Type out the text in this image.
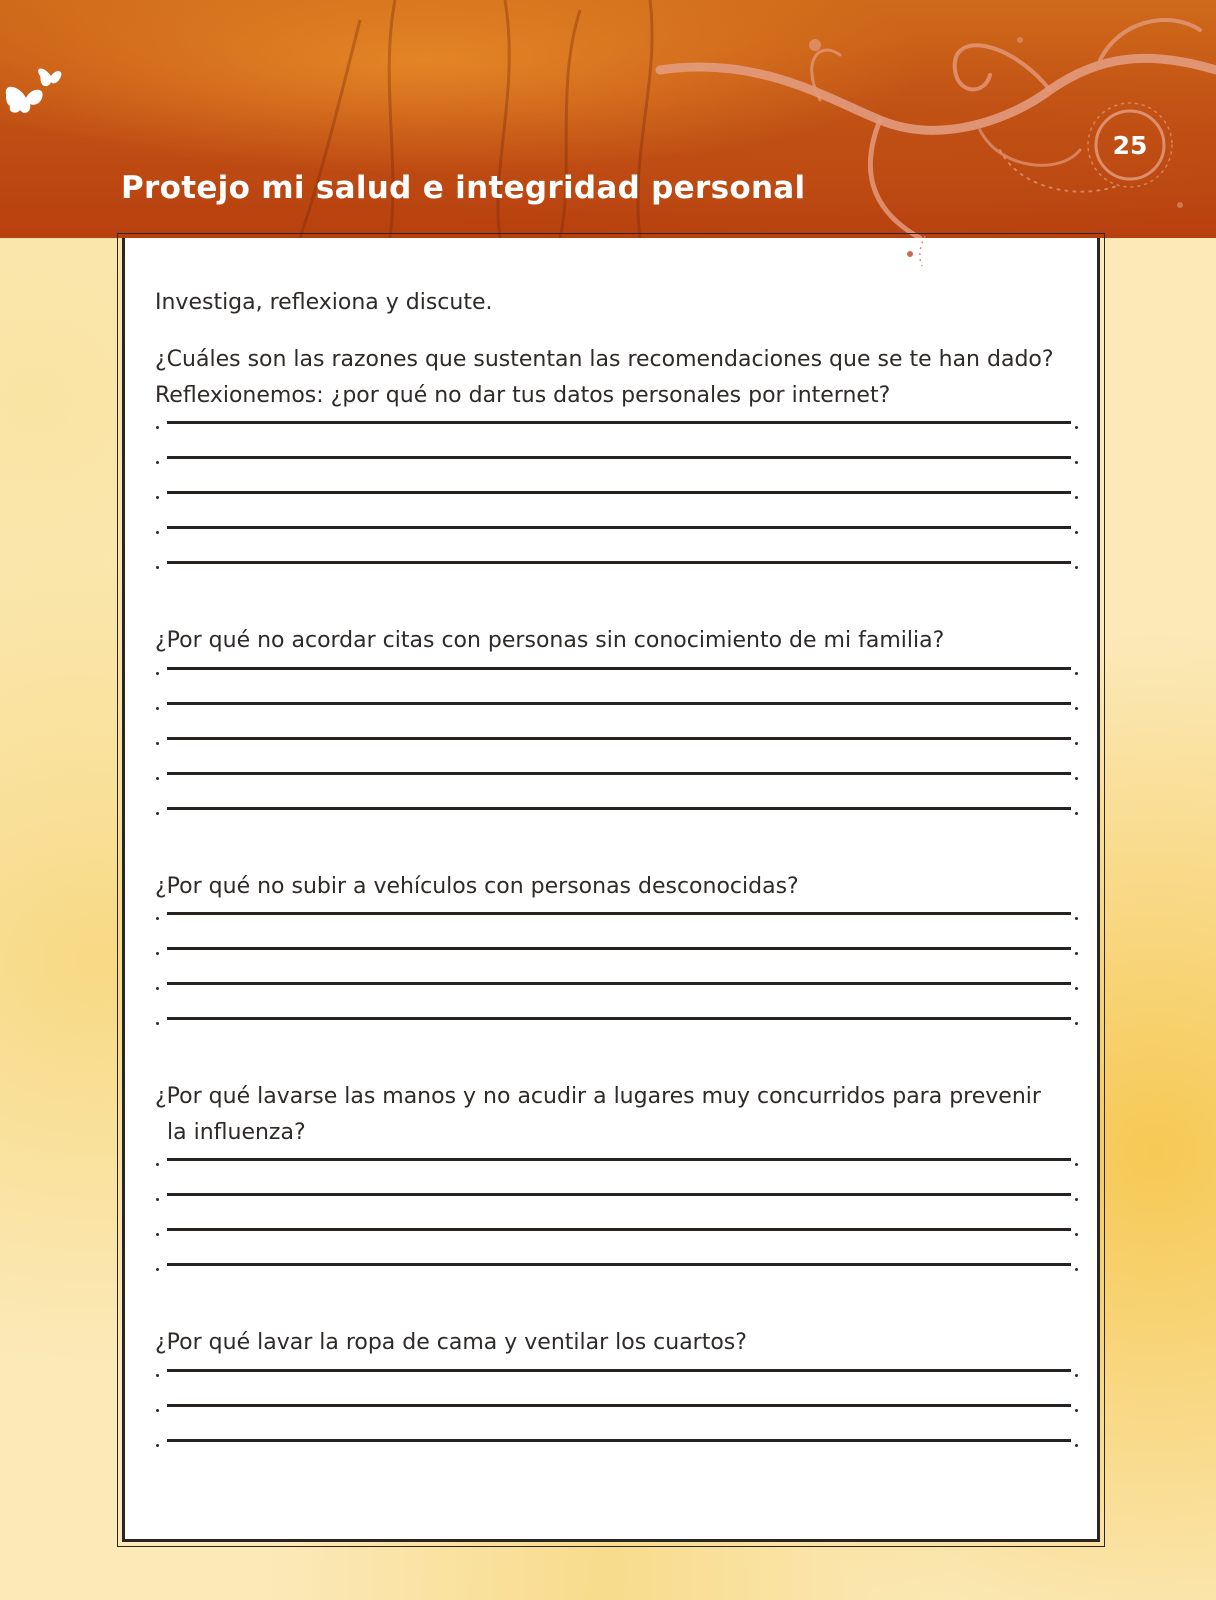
Protejo mi salud e integridad personal
25

Investiga, reflexiona y discute.

¿Cuáles son las razones que sustentan las recomendaciones que se te han dado?
Reflexionemos: ¿por qué no dar tus datos personales por internet?

¿Por qué no acordar citas con personas sin conocimiento de mi familia?

¿Por qué no subir a vehículos con personas desconocidas?

¿Por qué lavarse las manos y no acudir a lugares muy concurridos para prevenir
la influenza?

¿Por qué lavar la ropa de cama y ventilar los cuartos?
